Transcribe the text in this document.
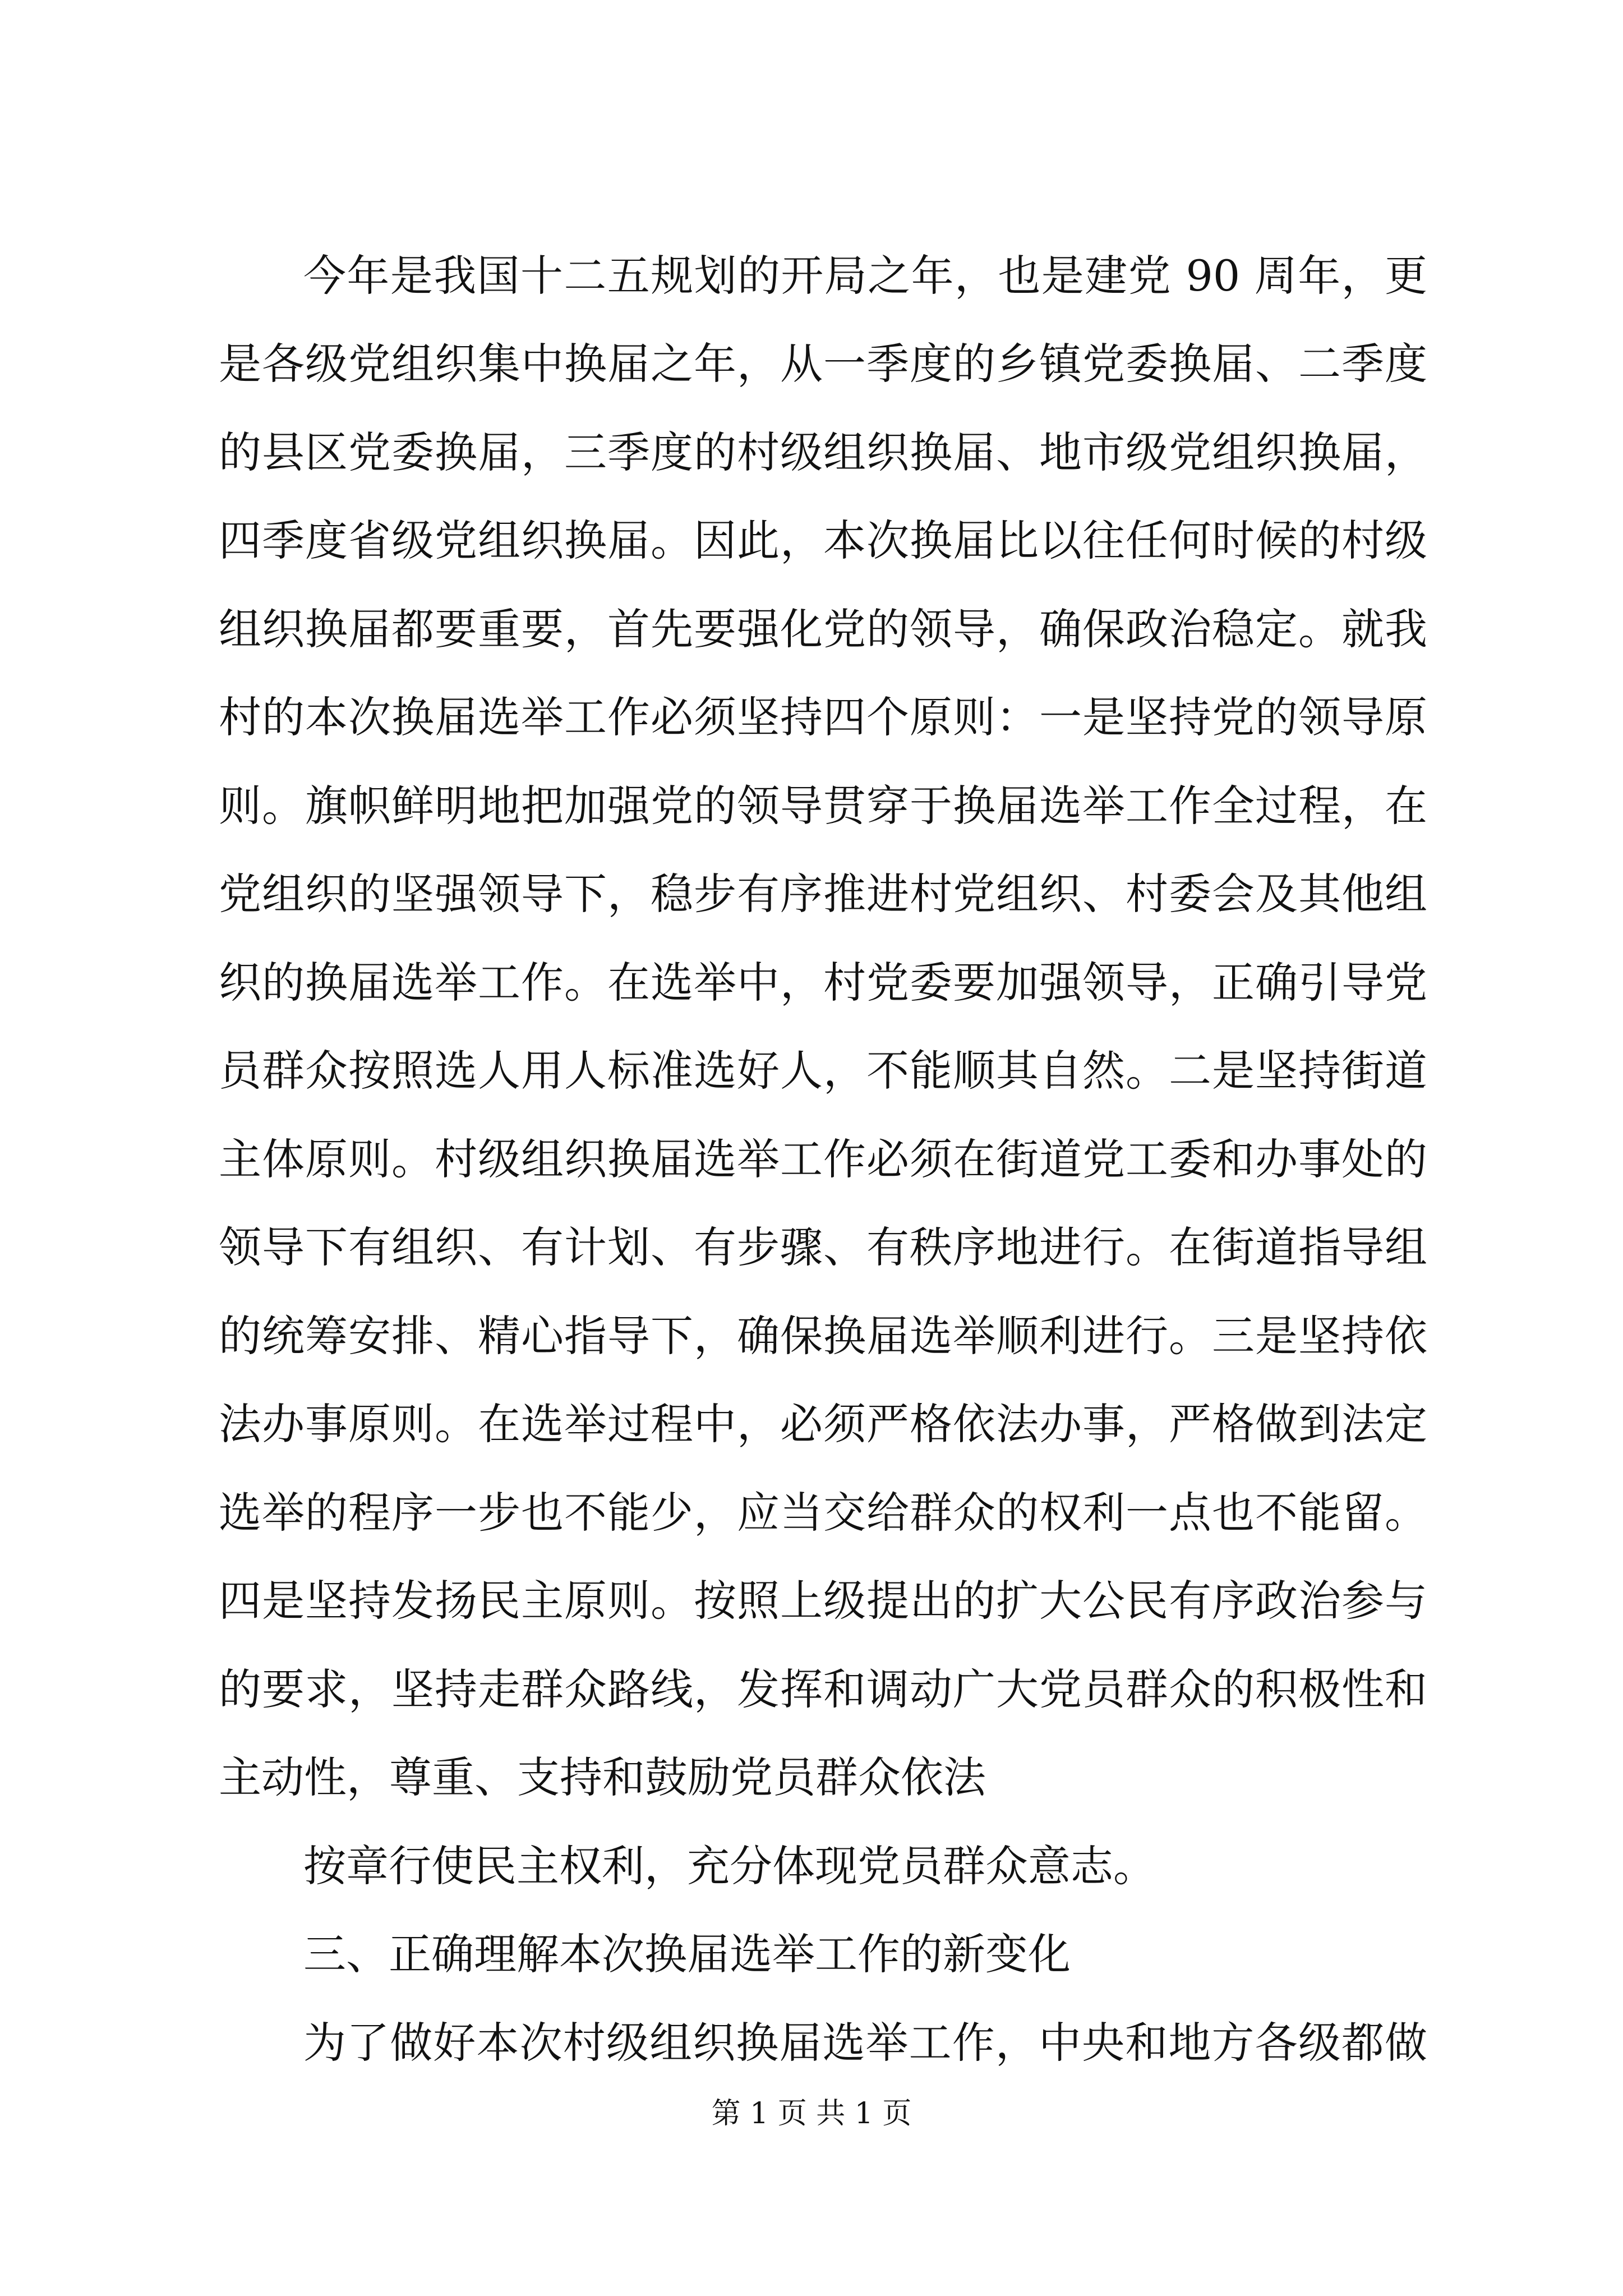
今年是我国十二五规划的开局之年，也是建党 90 周年，更
是各级党组织集中换届之年，从一季度的乡镇党委换届、二季度
的县区党委换届，三季度的村级组织换届、地市级党组织换届，
四季度省级党组织换届。因此，本次换届比以往任何时候的村级
组织换届都要重要，首先要强化党的领导，确保政治稳定。就我
村的本次换届选举工作必须坚持四个原则：一是坚持党的领导原
则。旗帜鲜明地把加强党的领导贯穿于换届选举工作全过程，在
党组织的坚强领导下，稳步有序推进村党组织、村委会及其他组
织的换届选举工作。在选举中，村党委要加强领导，正确引导党
员群众按照选人用人标准选好人，不能顺其自然。二是坚持街道
主体原则。村级组织换届选举工作必须在街道党工委和办事处的
领导下有组织、有计划、有步骤、有秩序地进行。在街道指导组
的统筹安排、精心指导下，确保换届选举顺利进行。三是坚持依
法办事原则。在选举过程中，必须严格依法办事，严格做到法定
选举的程序一步也不能少，应当交给群众的权利一点也不能留。
四是坚持发扬民主原则。按照上级提出的扩大公民有序政治参与
的要求，坚持走群众路线，发挥和调动广大党员群众的积极性和
主动性，尊重、支持和鼓励党员群众依法
按章行使民主权利，充分体现党员群众意志。
三、正确理解本次换届选举工作的新变化
为了做好本次村级组织换届选举工作，中央和地方各级都做
第 1 页 共 1 页
